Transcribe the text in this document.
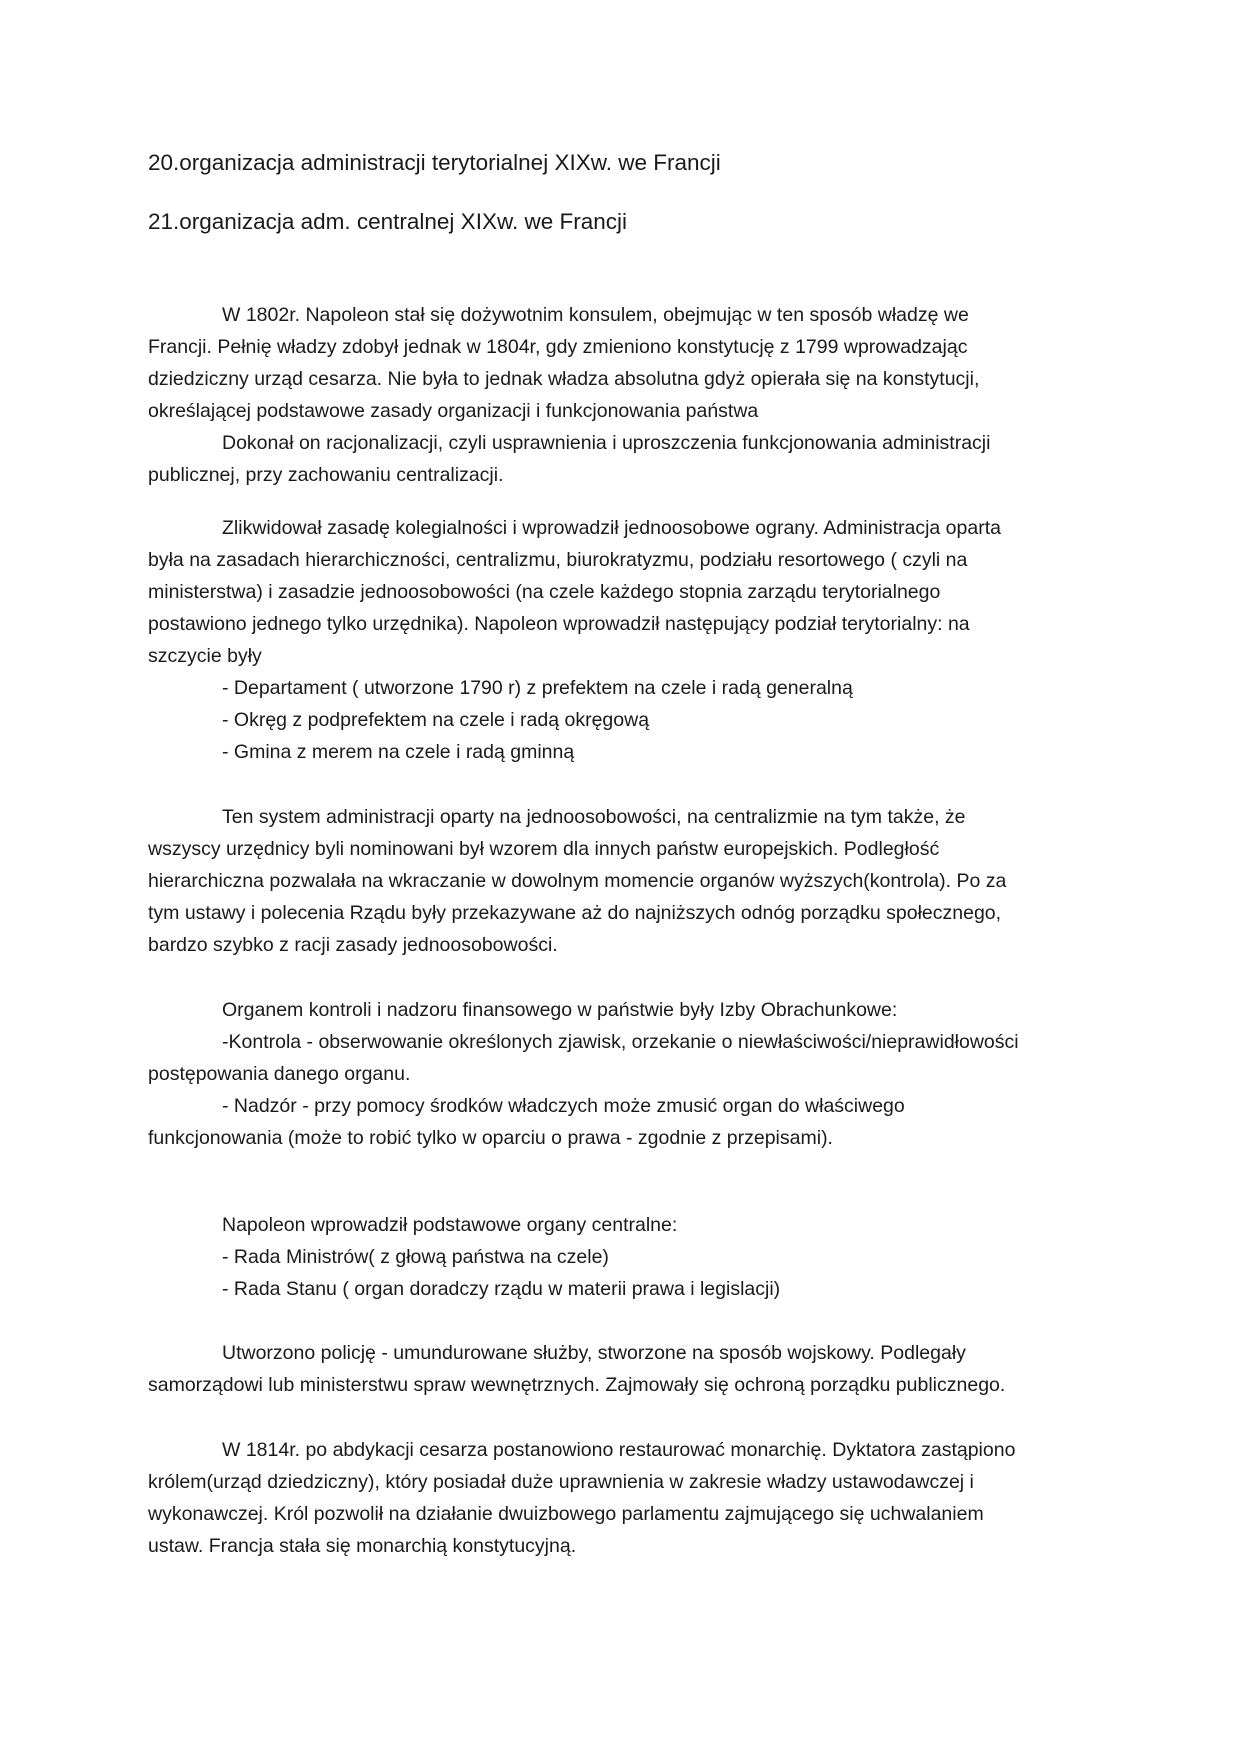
20.organizacja administracji terytorialnej XIXw. we Francji
21.organizacja adm. centralnej XIXw. we Francji
W 1802r. Napoleon stał się dożywotnim konsulem, obejmując w ten sposób władzę we
Francji. Pełnię władzy zdobył jednak w 1804r, gdy zmieniono konstytucję z 1799 wprowadzając
dziedziczny urząd cesarza. Nie była to jednak władza absolutna gdyż opierała się na konstytucji,
określającej podstawowe zasady organizacji i funkcjonowania państwa
Dokonał on racjonalizacji, czyli usprawnienia i uproszczenia funkcjonowania administracji
publicznej, przy zachowaniu centralizacji.
Zlikwidował zasadę kolegialności i wprowadził jednoosobowe ograny. Administracja oparta
była na zasadach hierarchiczności, centralizmu, biurokratyzmu, podziału resortowego ( czyli na
ministerstwa) i zasadzie jednoosobowości (na czele każdego stopnia zarządu terytorialnego
postawiono jednego tylko urzędnika). Napoleon wprowadził następujący podział terytorialny: na
szczycie były
- Departament ( utworzone 1790 r) z prefektem na czele i radą generalną
- Okręg z podprefektem na czele i radą okręgową
- Gmina z merem na czele i radą gminną
Ten system administracji oparty na jednoosobowości, na centralizmie na tym także, że
wszyscy urzędnicy byli nominowani był wzorem dla innych państw europejskich. Podległość
hierarchiczna pozwalała na wkraczanie w dowolnym momencie organów wyższych(kontrola). Po za
tym ustawy i polecenia Rządu były przekazywane aż do najniższych odnóg porządku społecznego,
bardzo szybko z racji zasady jednoosobowości.
Organem kontroli i nadzoru finansowego w państwie były Izby Obrachunkowe:
-Kontrola - obserwowanie określonych zjawisk, orzekanie o niewłaściwości/nieprawidłowości
postępowania danego organu.
- Nadzór - przy pomocy środków władczych może zmusić organ do właściwego
funkcjonowania (może to robić tylko w oparciu o prawa - zgodnie z przepisami).
Napoleon wprowadził podstawowe organy centralne:
- Rada Ministrów( z głową państwa na czele)
- Rada Stanu ( organ doradczy rządu w materii prawa i legislacji)
Utworzono policję - umundurowane służby, stworzone na sposób wojskowy. Podlegały
samorządowi lub ministerstwu spraw wewnętrznych. Zajmowały się ochroną porządku publicznego.
W 1814r. po abdykacji cesarza postanowiono restaurować monarchię. Dyktatora zastąpiono
królem(urząd dziedziczny), który posiadał duże uprawnienia w zakresie władzy ustawodawczej i
wykonawczej. Król pozwolił na działanie dwuizbowego parlamentu zajmującego się uchwalaniem
ustaw. Francja stała się monarchią konstytucyjną.
